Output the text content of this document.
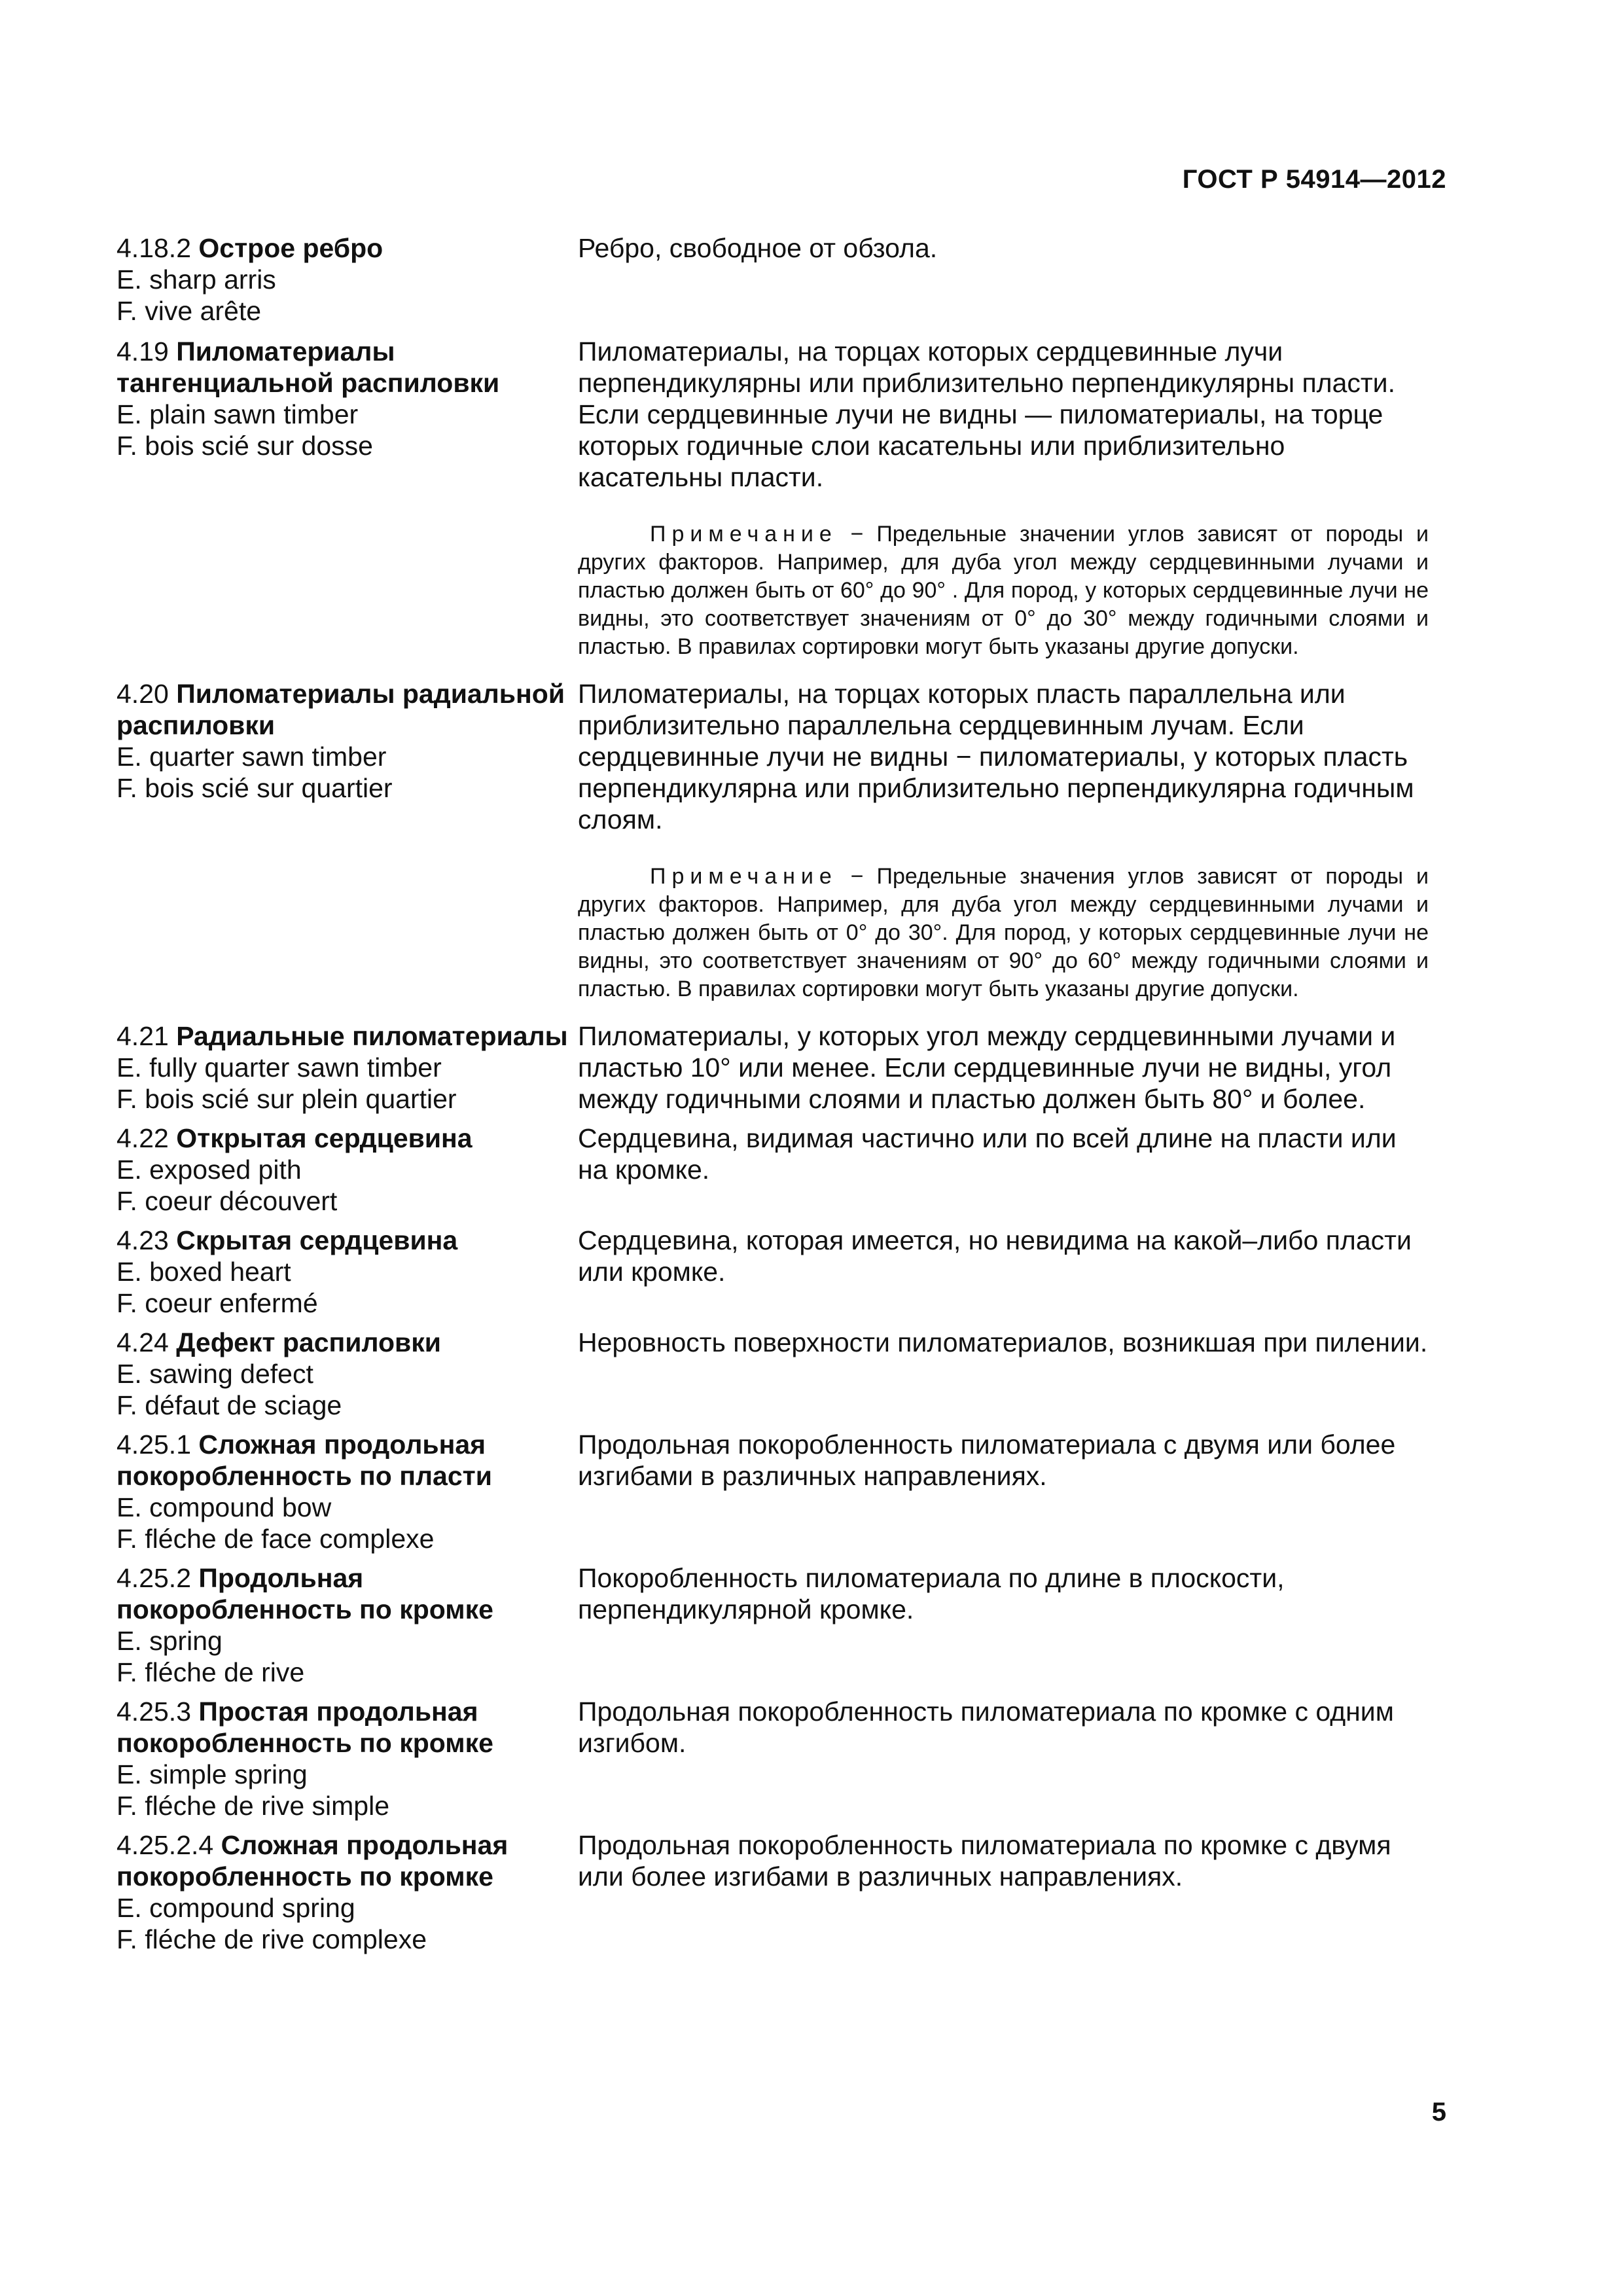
ГОСТ Р 54914—2012
4.18.2 Острое ребро
E. sharp arris
F. vive arête
Ребро, свободное от обзола.
4.19 Пиломатериалы тангенциальной распиловки
E. plain sawn timber
F. bois scié sur dosse
Пиломатериалы, на торцах которых сердцевинные лучи перпендикулярны или приблизительно перпендикулярны пласти. Если сердцевинные лучи не видны — пиломатериалы, на торце которых годичные слои касательны или приблизительно касательны пласти.
Примечание − Предельные значении углов зависят от породы и других факторов. Например, для дуба угол между сердцевинными лучами и пластью должен быть от 60° до 90° . Для пород, у которых сердцевинные лучи не видны, это соответствует значениям от 0° до 30° между годичными слоями и пластью. В правилах сортировки могут быть указаны другие допуски.
4.20 Пиломатериалы радиальной распиловки
E. quarter sawn timber
F. bois scié sur quartier
Пиломатериалы, на торцах которых пласть параллельна или приблизительно параллельна сердцевинным лучам. Если сердцевинные лучи не видны − пиломатериалы, у которых пласть перпендикулярна или приблизительно перпендикулярна годичным слоям.
Примечание − Предельные значения углов зависят от породы и других факторов. Например, для дуба угол между сердцевинными лучами и пластью должен быть от 0° до 30°. Для пород, у которых сердцевинные лучи не видны, это соответствует значениям от 90° до 60° между годичными слоями и пластью. В правилах сортировки могут быть указаны другие допуски.
4.21 Радиальные пиломатериалы
E. fully quarter sawn timber
F. bois scié sur plein quartier
Пиломатериалы, у которых угол между сердцевинными лучами и пластью 10° или менее. Если сердцевинные лучи не видны, угол между годичными слоями и пластью должен быть 80° и более.
4.22 Открытая сердцевина
E. exposed pith
F. coeur découvert
Сердцевина, видимая частично или по всей длине на пласти или на кромке.
4.23 Скрытая сердцевина
E. boxed heart
F. coeur enfermé
Сердцевина, которая имеется, но невидима на какой–либо пласти или кромке.
4.24 Дефект распиловки
E. sawing defect
F. défaut de sciage
Неровность поверхности пиломатериалов, возникшая при пилении.
4.25.1 Сложная продольная покоробленность по пласти
E. compound bow
F. fléche de face complexe
Продольная покоробленность пиломатериала с двумя или более изгибами в различных направлениях.
4.25.2 Продольная покоробленность по кромке
E. spring
F. fléche de rive
Покоробленность пиломатериала по длине в плоскости, перпендикулярной кромке.
4.25.3 Простая продольная покоробленность по кромке
E. simple spring
F. fléche de rive simple
Продольная покоробленность пиломатериала по кромке с одним изгибом.
4.25.2.4 Сложная продольная покоробленность по кромке
E. compound spring
F. fléche de rive complexe
Продольная покоробленность пиломатериала по кромке с двумя или более изгибами в различных направлениях.
5
